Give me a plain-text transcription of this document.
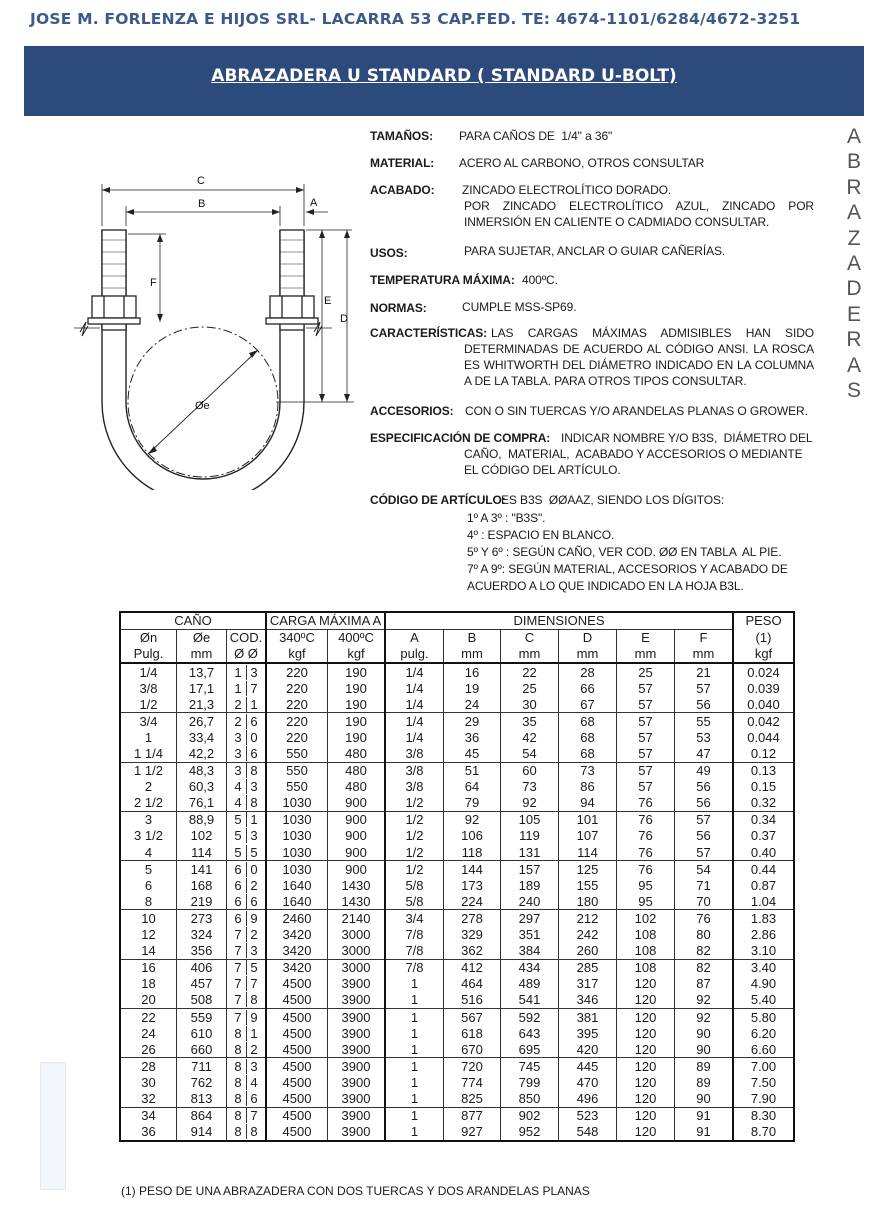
JOSE M. FORLENZA E HIJOS SRL- LACARRA 53 CAP.FED. TE: 4674-1101/6284/4672-3251
ABRAZADERA U STANDARD ( STANDARD U-BOLT)
A
B
R
A
Z
A
D
E
R
A
S
C
B	A
F
E
D
Øe
TAMAÑOS: PARA CAÑOS DE  1/4" a 36"
MATERIAL: ACERO AL CARBONO, OTROS CONSULTAR
ACABADO: ZINCADO ELECTROLÍTICO DORADO.
POR ZINCADO ELECTROLÍTICO AZUL, ZINCADO POR
INMERSIÓN EN CALIENTE O CADMIADO CONSULTAR.
USOS:	PARA SUJETAR, ANCLAR O GUIAR CAÑERÍAS.
TEMPERATURA MÁXIMA: 400ºC.
NORMAS:	CUMPLE MSS-SP69.
CARACTERÍSTICAS: LAS CARGAS MÁXIMAS ADMISIBLES HAN SIDO
DETERMINADAS DE ACUERDO AL CÓDIGO ANSI. LA ROSCA
ES WHITWORTH DEL DIÁMETRO INDICADO EN LA COLUMNA
A DE LA TABLA. PARA OTROS TIPOS CONSULTAR.
ACCESORIOS: CON O SIN TUERCAS Y/O ARANDELAS PLANAS O GROWER.
ESPECIFICACIÓN DE COMPRA: INDICAR NOMBRE Y/O B3S,  DIÁMETRO DEL
CAÑO,  MATERIAL,  ACABADO Y ACCESORIOS O MEDIANTE
EL CÓDIGO DEL ARTÍCULO.
CÓDIGO DE ARTÍCULO:
ES B3S  ØØAAZ, SIENDO LOS DÍGITOS:
1º A 3º : "B3S".
4º : ESPACIO EN BLANCO.
5º Y 6º : SEGÚN CAÑO, VER COD. ØØ EN TABLA  AL PIE.
7º A 9º: SEGÚN MATERIAL, ACCESORIOS Y ACABADO DE
ACUERDO A LO QUE INDICADO EN LA HOJA B3L.
CAÑO			CARGA MÁXIMA A		DIMENSIONES						PESO
Øn	Øe	COD.	340ºC	400ºC	A	B	C	D	E	F	(1)
Pulg.	mm	Ø Ø	kgf	kgf	pulg.	mm	mm	mm	mm	mm	kgf
1/4	13,7	1 3	220	190	1/4	16	22	28	25	21	0.024
3/8	17,1	1 7	220	190	1/4	19	25	66	57	57	0.039
1/2	21,3	2 1	220	190	1/4	24	30	67	57	56	0.040
3/4	26,7	2 6	220	190	1/4	29	35	68	57	55	0.042
1	33,4	3 0	220	190	1/4	36	42	68	57	53	0.044
1 1/4	42,2	3 6	550	480	3/8	45	54	68	57	47	0.12
1 1/2	48,3	3 8	550	480	3/8	51	60	73	57	49	0.13
2	60,3	4 3	550	480	3/8	64	73	86	57	56	0.15
2 1/2	76,1	4 8	1030	900	1/2	79	92	94	76	56	0.32
3	88,9	5 1	1030	900	1/2	92	105	101	76	57	0.34
3 1/2	102	5 3	1030	900	1/2	106	119	107	76	56	0.37
4	114	5 5	1030	900	1/2	118	131	114	76	57	0.40
5	141	6 0	1030	900	1/2	144	157	125	76	54	0.44
6	168	6 2	1640	1430	5/8	173	189	155	95	71	0.87
8	219	6 6	1640	1430	5/8	224	240	180	95	70	1.04
10	273	6 9	2460	2140	3/4	278	297	212	102	76	1.83
12	324	7 2	3420	3000	7/8	329	351	242	108	80	2.86
14	356	7 3	3420	3000	7/8	362	384	260	108	82	3.10
16	406	7 5	3420	3000	7/8	412	434	285	108	82	3.40
18	457	7 7	4500	3900	1	464	489	317	120	87	4.90
20	508	7 8	4500	3900	1	516	541	346	120	92	5.40
22	559	7 9	4500	3900	1	567	592	381	120	92	5.80
24	610	8 1	4500	3900	1	618	643	395	120	90	6.20
26	660	8 2	4500	3900	1	670	695	420	120	90	6.60
28	711	8 3	4500	3900	1	720	745	445	120	89	7.00
30	762	8 4	4500	3900	1	774	799	470	120	89	7.50
32	813	8 6	4500	3900	1	825	850	496	120	90	7.90
34	864	8 7	4500	3900	1	877	902	523	120	91	8.30
36	914	8 8	4500	3900	1	927	952	548	120	91	8.70
(1) PESO DE UNA ABRAZADERA CON DOS TUERCAS Y DOS ARANDELAS PLANAS
